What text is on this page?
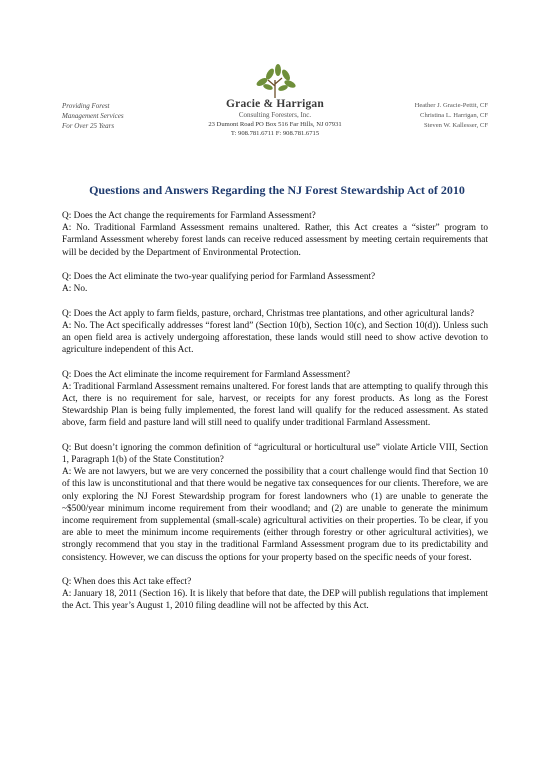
Providing Forest
Management Services
For Over 25 Years
Gracie & Harrigan
Consulting Foresters, Inc.
23 Dumont Road PO Box 516 Far Hills, NJ 07931
T: 908.781.6711 F: 908.781.6715
Heather J. Gracie-Pettit, CF
Christina L. Harrigan, CF
Steven W. Kallesser, CF
Questions and Answers Regarding the NJ Forest Stewardship Act of 2010
Q: Does the Act change the requirements for Farmland Assessment?
A: No. Traditional Farmland Assessment remains unaltered. Rather, this Act creates a “sister” program to Farmland Assessment whereby forest lands can receive reduced assessment by meeting certain requirements that will be decided by the Department of Environmental Protection.
Q: Does the Act eliminate the two-year qualifying period for Farmland Assessment?
A: No.
Q: Does the Act apply to farm fields, pasture, orchard, Christmas tree plantations, and other agricultural lands?
A: No. The Act specifically addresses “forest land” (Section 10(b), Section 10(c), and Section 10(d)). Unless such an open field area is actively undergoing afforestation, these lands would still need to show active devotion to agriculture independent of this Act.
Q: Does the Act eliminate the income requirement for Farmland Assessment?
A: Traditional Farmland Assessment remains unaltered. For forest lands that are attempting to qualify through this Act, there is no requirement for sale, harvest, or receipts for any forest products. As long as the Forest Stewardship Plan is being fully implemented, the forest land will qualify for the reduced assessment. As stated above, farm field and pasture land will still need to qualify under traditional Farmland Assessment.
Q: But doesn’t ignoring the common definition of “agricultural or horticultural use” violate Article VIII, Section 1, Paragraph 1(b) of the State Constitution?
A: We are not lawyers, but we are very concerned the possibility that a court challenge would find that Section 10 of this law is unconstitutional and that there would be negative tax consequences for our clients. Therefore, we are only exploring the NJ Forest Stewardship program for forest landowners who (1) are unable to generate the ~$500/year minimum income requirement from their woodland; and (2) are unable to generate the minimum income requirement from supplemental (small-scale) agricultural activities on their properties. To be clear, if you are able to meet the minimum income requirements (either through forestry or other agricultural activities), we strongly recommend that you stay in the traditional Farmland Assessment program due to its predictability and consistency. However, we can discuss the options for your property based on the specific needs of your forest.
Q: When does this Act take effect?
A: January 18, 2011 (Section 16). It is likely that before that date, the DEP will publish regulations that implement the Act. This year’s August 1, 2010 filing deadline will not be affected by this Act.
